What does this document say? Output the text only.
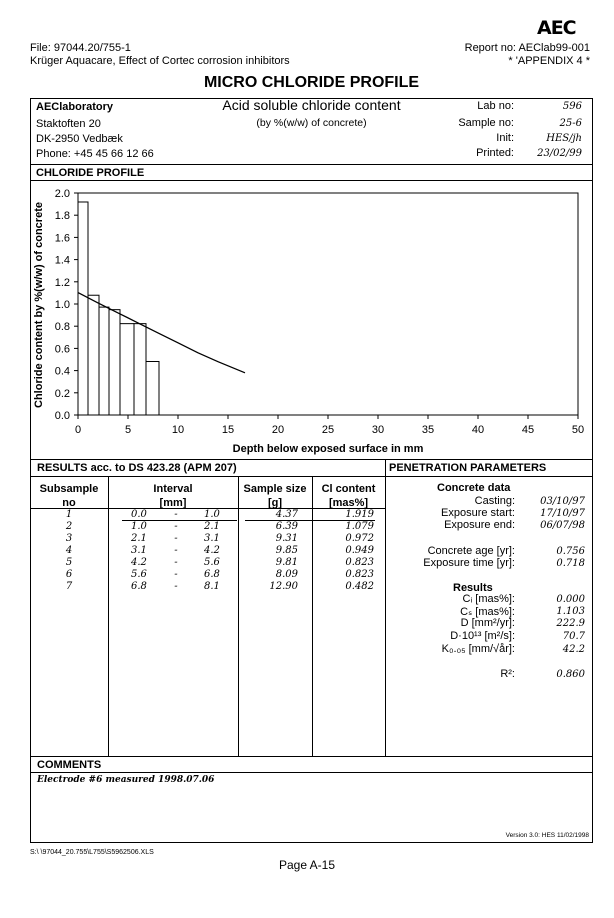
AEC
File: 97044.20/755-1
Krüger Aquacare, Effect of Cortec corrosion inhibitors
Report no: AEClab99-001
* 'APPENDIX 4 *
MICRO CHLORIDE PROFILE
Acid soluble chloride content
(by %(w/w) of concrete)
AEClaboratory
Staktoften 20
DK-2950 Vedbæk
Phone: +45 45 66 12 66
Lab no:	596
Sample no:	25-6
Init:	HES/jh
Printed: 23/02/99
CHLORIDE PROFILE
0.0
0.2
0.4
0.6
0.8
1.0
1.2
1.4
1.6
1.8
2.0
0	5	10	15	20	25	30	35	40	45	50
Depth below exposed surface in mm
Chloride content by %(w/w) of concrete
RESULTS acc. to DS 423.28 (APM 207)	PENETRATION PARAMETERS
Subsample
no
Interval
[mm]
Sample size
[g]
Cl content
[mas%]
1	0.0	-	1.0	4.37	1.919
2	1.0	-	2.1	6.39	1.079
3	2.1	-	3.1	9.31	0.972
4	3.1	-	4.2	9.85	0.949
5	4.2	-	5.6	9.81	0.823
6	5.6	-	6.8	8.09	0.823
7	6.8	-	8.1	12.90	0.482
Concrete data
Casting:	03/10/97
Exposure start:	17/10/97
Exposure end:	06/07/98
Concrete age [yr]:	0.756
Exposure time [yr]:	0.718
Results
Cᵢ [mas%]:	0.000
Cₛ [mas%]:	1.103
D [mm²/yr]:	222.9
D·10¹³ [m²/s]:	70.7
K₀.₀₅ [mm/√år]:	42.2
R²:	0.860
COMMENTS
Electrode #6 measured 1998.07.06
Version 3.0: HES 11/02/1998
S:\ \97044_20.755\L755\S5962506.XLS
Page A-15
